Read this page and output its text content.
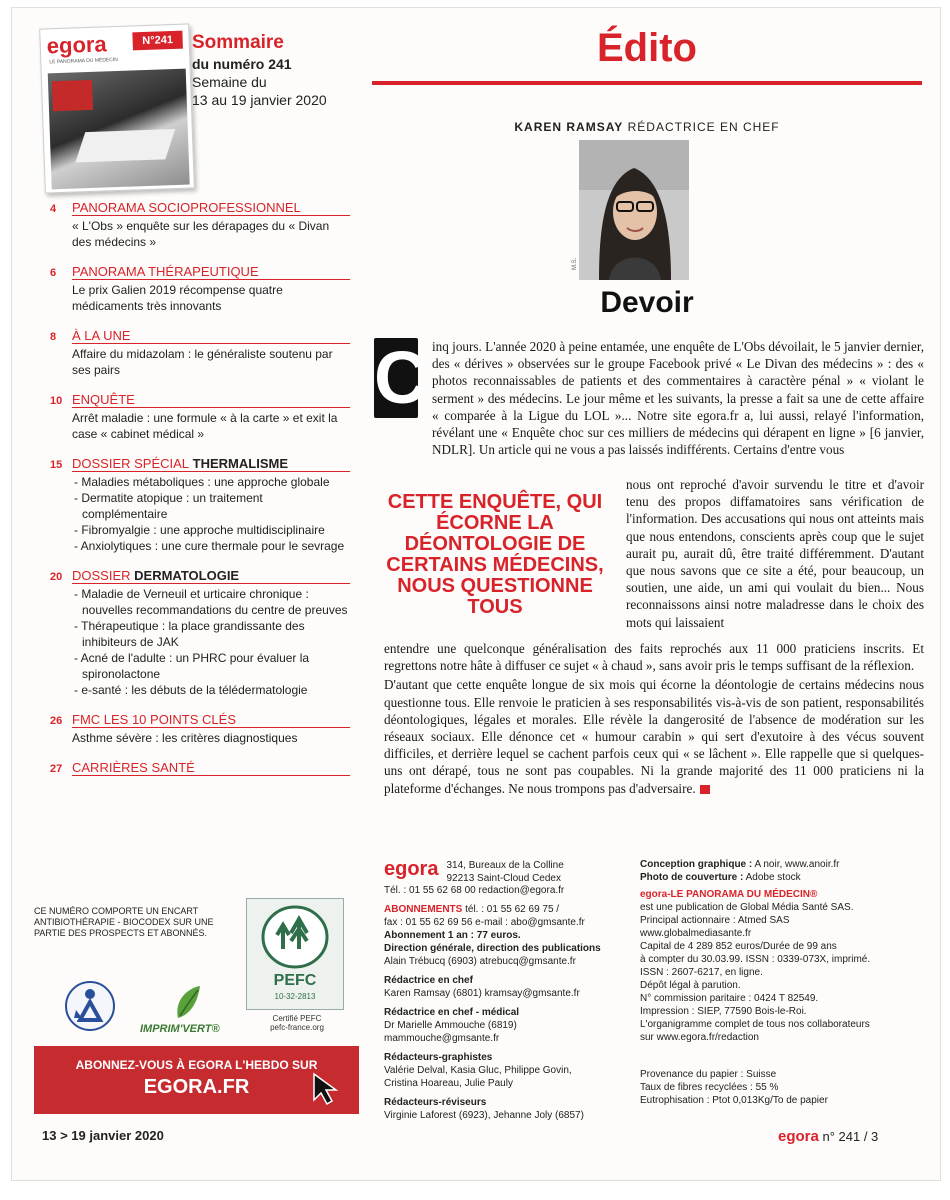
egora	N°241
LE PANORAMA DU MÉDECIN
Sommaire
du numéro 241
Semaine du
13 au 19 janvier 2020
4	PANORAMA SOCIOPROFESSIONNEL
« L'Obs » enquête sur les dérapages du « Divan des médecins »
6	PANORAMA THÉRAPEUTIQUE
Le prix Galien 2019 récompense quatre médicaments très innovants
8	À LA UNE
Affaire du midazolam : le généraliste soutenu par ses pairs
10 ENQUÊTE
Arrêt maladie : une formule « à la carte » et exit la case « cabinet médical »
15 DOSSIER SPÉCIAL
THERMALISME
- Maladies métaboliques : une approche globale
- Dermatite atopique : un traitement complémentaire
- Fibromyalgie : une approche multidisciplinaire
- Anxiolytiques : une cure thermale pour le sevrage
20 DOSSIER
DERMATOLOGIE
- Maladie de Verneuil et urticaire chronique : nouvelles recommandations du centre de preuves
- Thérapeutique : la place grandissante des inhibiteurs de JAK
- Acné de l'adulte : un PHRC pour évaluer la spironolactone
- e-santé : les débuts de la télédermatologie
26 FMC LES 10 POINTS CLÉS
Asthme sévère : les critères diagnostiques
27 CARRIÈRES SANTÉ
CE NUMÉRO COMPORTE UN ENCART ANTIBIOTHÉRAPIE - BIOCODEX SUR UNE PARTIE DES PROSPECTS ET ABONNÉS.
IMPRIM'VERT®
PEFC
10-32-2813
Certifié PEFC
pefc-france.org
ABONNEZ-VOUS À EGORA L'HEBDO SUR
EGORA.FR
13 > 19 janvier 2020	egora n° 241 / 3
Édito
KAREN RAMSAY RÉDACTRICE EN CHEF
M.S.
Devoir
C inq jours. L'année 2020 à peine entamée, une enquête de L'Obs dévoilait, le 5 janvier dernier, des « dérives » observées sur le groupe Facebook privé « Le Divan des médecins » : des « photos reconnaissables de patients et des commentaires à caractère pénal » « violant le serment » des médecins. Le jour même et les suivants, la presse a fait sa une de cette affaire « comparée à la Ligue du LOL »... Notre site egora.fr a, lui aussi, relayé l'information, révélant une « Enquête choc sur ces milliers de médecins qui dérapent en ligne » [6 janvier, NDLR]. Un article qui ne vous a pas laissés indifférents. Certains d'entre vous
CETTE ENQUÊTE, QUI ÉCORNE LA DÉONTOLOGIE DE CERTAINS MÉDECINS, NOUS QUESTIONNE TOUS
nous ont reproché d'avoir survendu le titre et d'avoir tenu des propos diffamatoires sans vérification de l'information. Des accusations qui nous ont atteints mais que nous entendons, conscients après coup que le sujet aurait pu, aurait dû, être traité différemment. D'autant que nous savons que ce site a été, pour beaucoup, un soutien, une aide, un ami qui voulait du bien... Nous reconnaissons ainsi notre maladresse dans le choix des mots qui laissaient
entendre une quelconque généralisation des faits reprochés aux 11 000 praticiens inscrits. Et regrettons notre hâte à diffuser ce sujet « à chaud », sans avoir pris le temps suffisant de la réflexion.
D'autant que cette enquête longue de six mois qui écorne la déontologie de certains médecins nous questionne tous. Elle renvoie le praticien à ses responsabilités vis-à-vis de son patient, responsabilités déontologiques, légales et morales. Elle révèle la dangerosité de l'absence de modération sur les réseaux sociaux. Elle dénonce cet « humour carabin » qui sert d'exutoire à des vécus souvent difficiles, et derrière lequel se cachent parfois ceux qui « se lâchent ». Elle rappelle que si quelques-uns ont dérapé, tous ne sont pas coupables. Ni la grande majorité des 11 000 praticiens ni la plateforme d'échanges. Ne nous trompons pas d'adversaire.
egora 314, Bureaux de la Colline
92213 Saint-Cloud Cedex
Tél. : 01 55 62 68 00 redaction@egora.fr
ABONNEMENTS tél. : 01 55 62 69 75 /
fax : 01 55 62 69 56 e-mail : abo@gmsante.fr
Abonnement 1 an : 77 euros.
Direction générale, direction des publications
Alain Trébucq (6903) atrebucq@gmsante.fr
Rédactrice en chef
Karen Ramsay (6801) kramsay@gmsante.fr
Rédactrice en chef - médical
Dr Marielle Ammouche (6819)
mammouche@gmsante.fr
Rédacteurs-graphistes
Valérie Delval, Kasia Gluc, Philippe Govin,
Cristina Hoareau, Julie Pauly
Rédacteurs-réviseurs
Virginie Laforest (6923), Jehanne Joly (6857)
Conception graphique : A noir, www.anoir.fr
Photo de couverture : Adobe stock
egora-LE PANORAMA DU MÉDECIN®
est une publication de Global Média Santé SAS.
Principal actionnaire : Atmed SAS
www.globalmediasante.fr
Capital de 4 289 852 euros/Durée de 99 ans
à compter du 30.03.99. ISSN : 0339-073X, imprimé.
ISSN : 2607-6217, en ligne.
Dépôt légal à parution.
N° commission paritaire : 0424 T 82549.
Impression : SIEP, 77590 Bois-le-Roi.
L'organigramme complet de tous nos collaborateurs
sur www.egora.fr/redaction
Provenance du papier : Suisse
Taux de fibres recyclées : 55 %
Eutrophisation : Ptot 0,013Kg/To de papier
